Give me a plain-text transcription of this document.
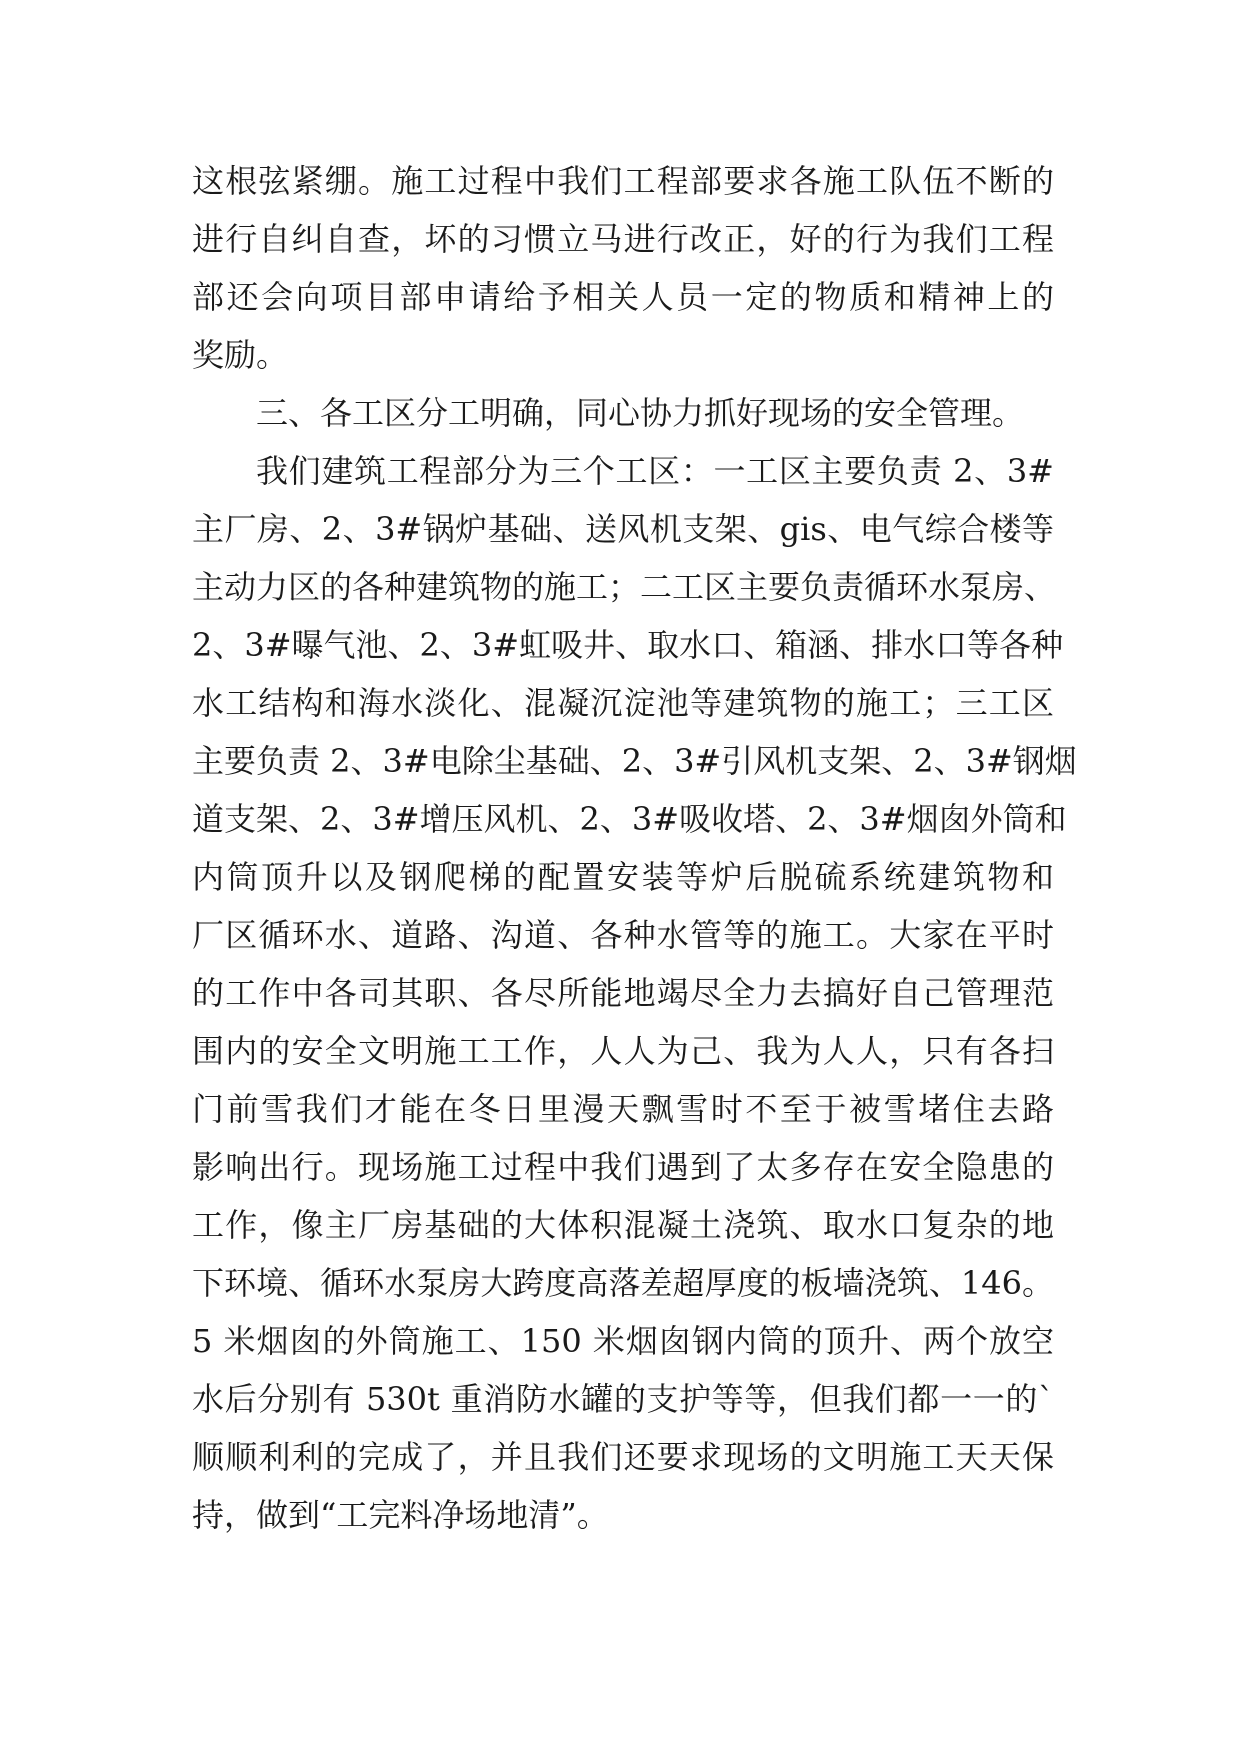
这根弦紧绷。施工过程中我们工程部要求各施工队伍不断的
进行自纠自查，坏的习惯立马进行改正，好的行为我们工程
部还会向项目部申请给予相关人员一定的物质和精神上的
奖励。
三、各工区分工明确，同心协力抓好现场的安全管理。
我们建筑工程部分为三个工区：一工区主要负责 2、3#
主厂房、2、3#锅炉基础、送风机支架、gis、电气综合楼等
主动力区的各种建筑物的施工；二工区主要负责循环水泵房、
2、3#曝气池、2、3#虹吸井、取水口、箱涵、排水口等各种
水工结构和海水淡化、混凝沉淀池等建筑物的施工；三工区
主要负责 2、3#电除尘基础、2、3#引风机支架、2、3#钢烟
道支架、2、3#增压风机、2、3#吸收塔、2、3#烟囱外筒和
内筒顶升以及钢爬梯的配置安装等炉后脱硫系统建筑物和
厂区循环水、道路、沟道、各种水管等的施工。大家在平时
的工作中各司其职、各尽所能地竭尽全力去搞好自己管理范
围内的安全文明施工工作，人人为己、我为人人，只有各扫
门前雪我们才能在冬日里漫天飘雪时不至于被雪堵住去路
影响出行。现场施工过程中我们遇到了太多存在安全隐患的
工作，像主厂房基础的大体积混凝土浇筑、取水口复杂的地
下环境、循环水泵房大跨度高落差超厚度的板墙浇筑、146。
5 米烟囱的外筒施工、150 米烟囱钢内筒的顶升、两个放空
水后分别有 530t 重消防水罐的支护等等，但我们都一一的`
顺顺利利的完成了，并且我们还要求现场的文明施工天天保
持，做到“工完料净场地清”。
